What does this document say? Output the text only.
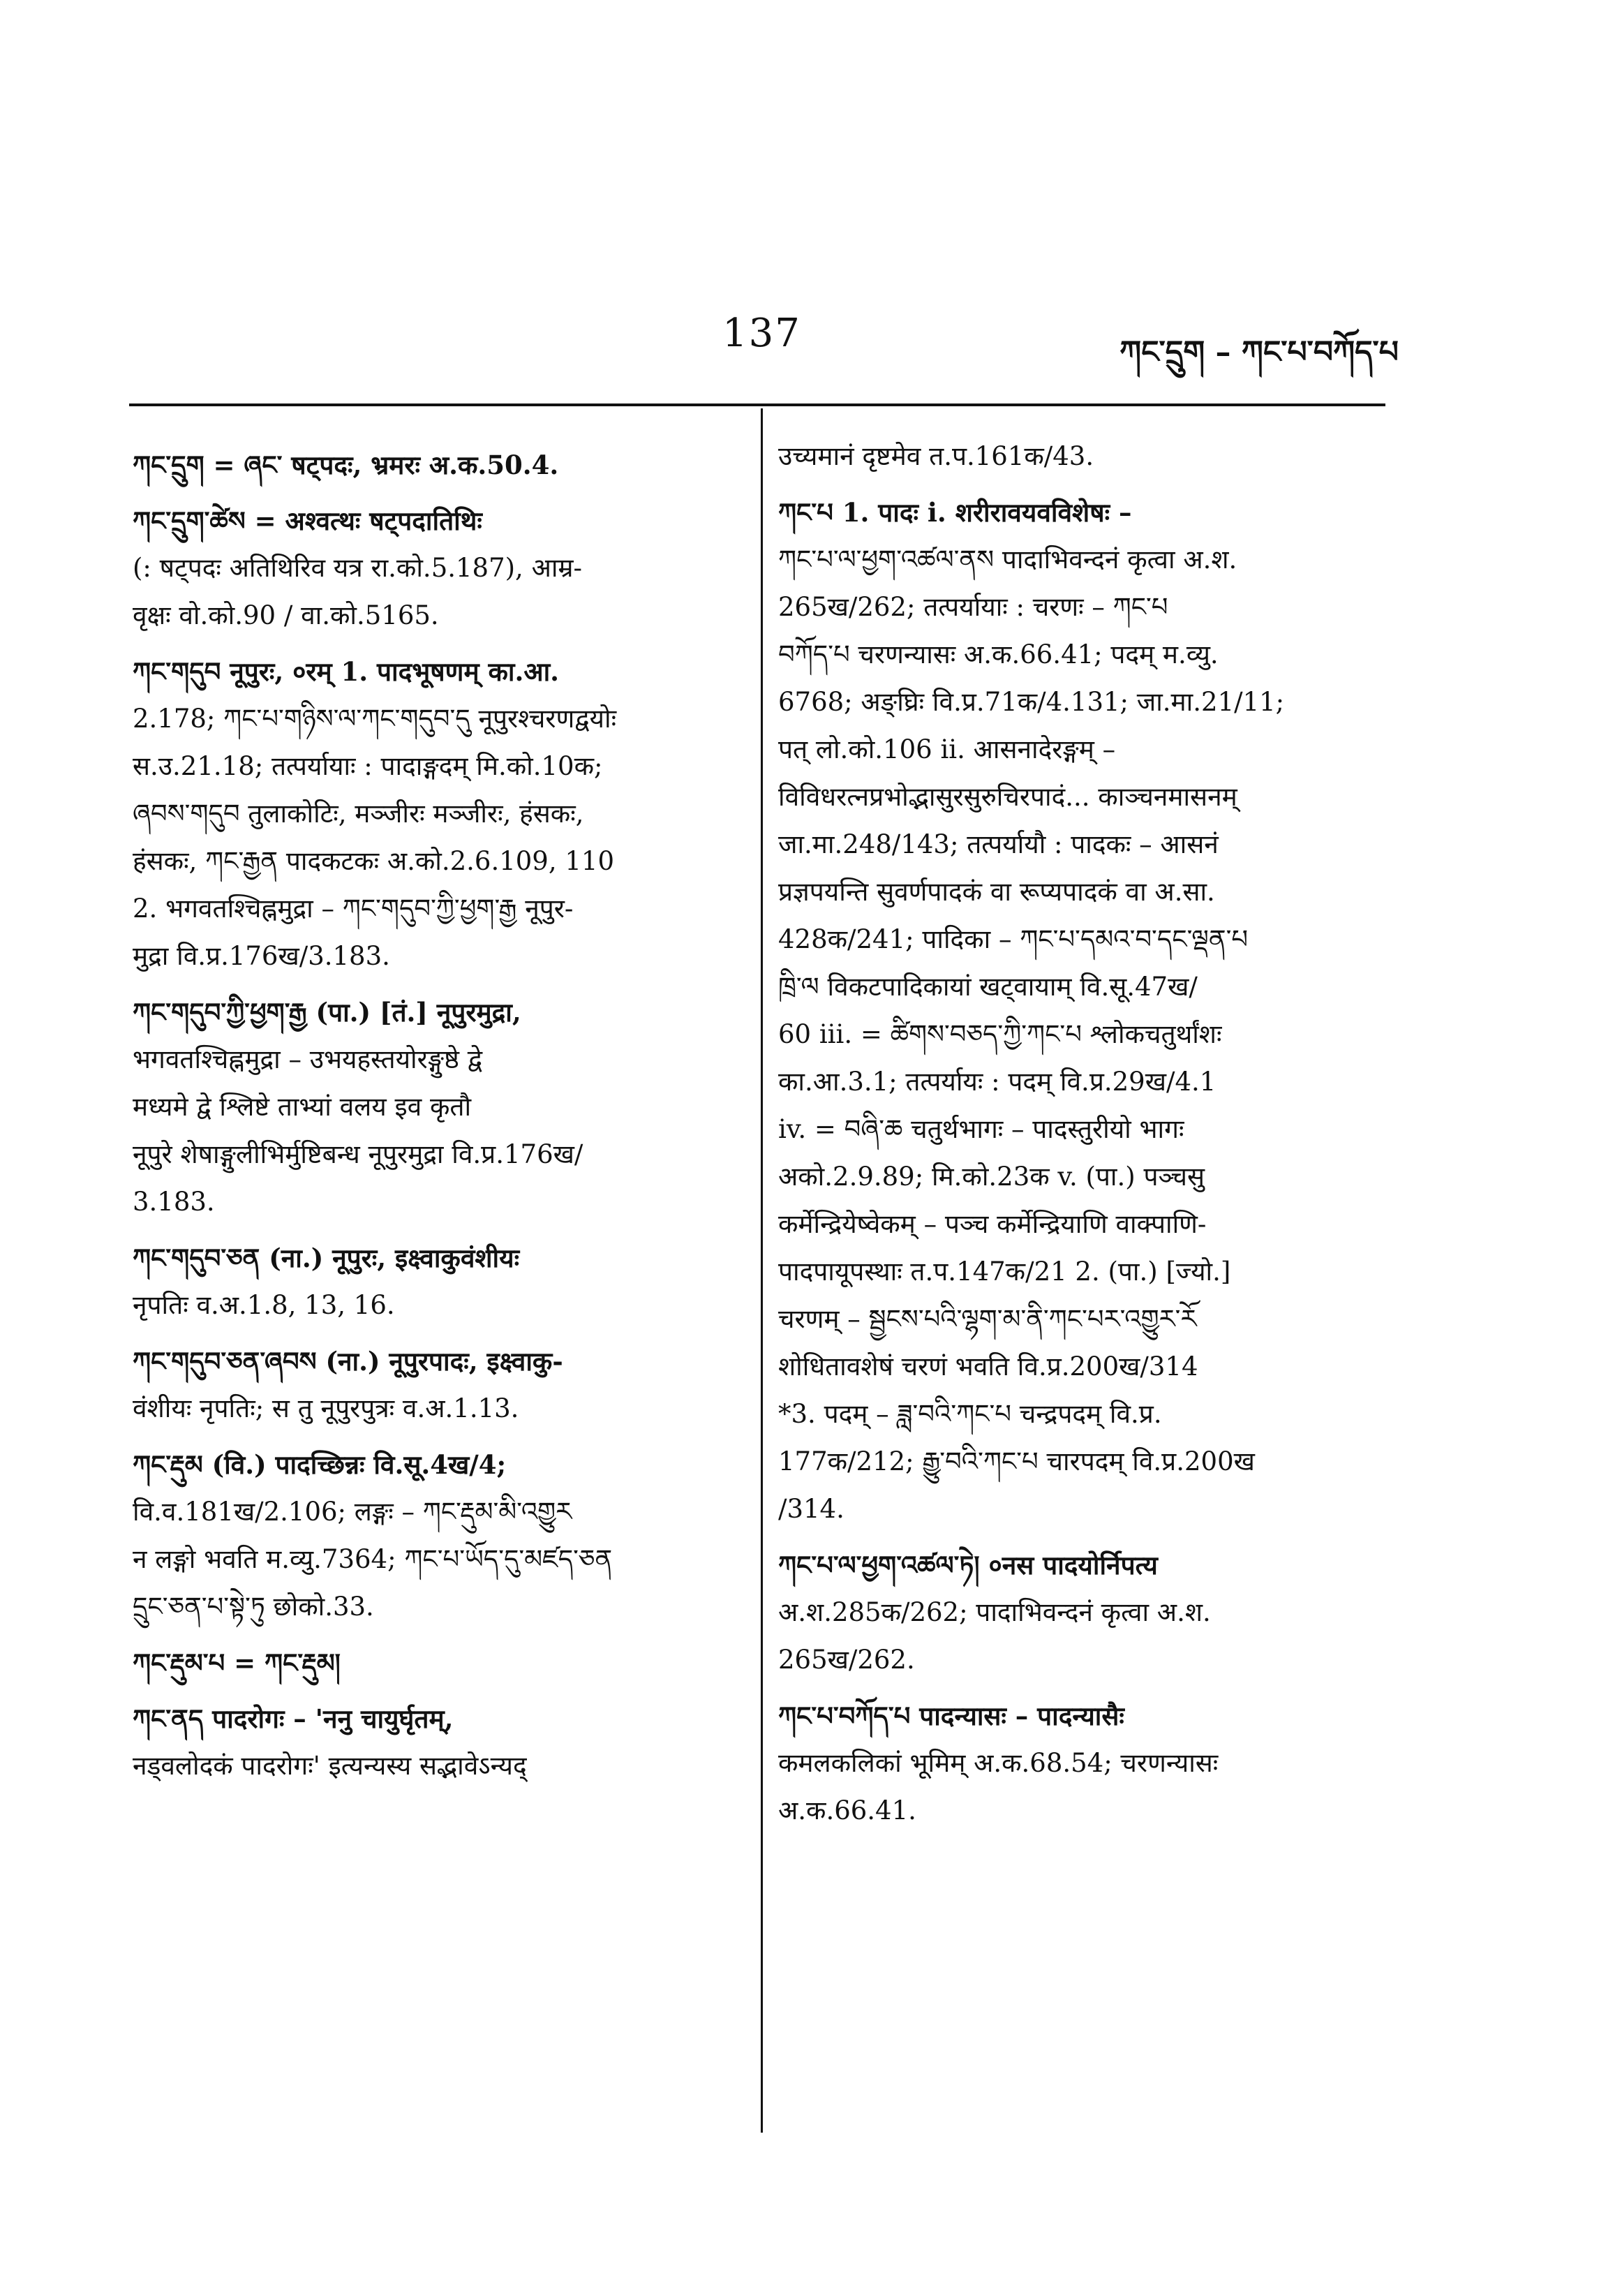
137	ཀང་དྲུག – ཀང་པ་བཀོད་པ
ཀང་དྲུག = ཞང་ षट्पदः, भ्रमरः अ.क.50.4.
ཀང་དྲུག་ཚེས = अश्वत्थः षट्पदातिथिः
(: षट्पदः अतिथिरिव यत्र रा.को.5.187), आम्र-
वृक्षः वो.को.90 / वा.को.5165.
ཀང་གདུབ नूपुरः, ०रम् 1. पादभूषणम् का.आ.
2.178; ཀང་པ་གཉིས་ལ་ཀང་གདུབ་དུ नूपुरश्चरणद्वयोः
स.उ.21.18; तत्पर्यायाः : पादाङ्गदम् मि.को.10क;
ཞབས་གདུབ तुलाकोटिः, मञ्जीरः मञ्जीरः, हंसकः,
हंसकः, ཀང་རྒྱན पादकटकः अ.को.2.6.109, 110
2. भगवतश्चिह्नमुद्रा – ཀང་གདུབ་ཀྱི་ཕྱག་རྒྱ नूपुर-
मुद्रा वि.प्र.176ख/3.183.
ཀང་གདུབ་ཀྱི་ཕྱག་རྒྱ (पा.) [तं.] नूपुरमुद्रा,
भगवतश्चिह्नमुद्रा – उभयहस्तयोरङ्गुष्ठे द्वे
मध्यमे द्वे श्लिष्टे ताभ्यां वलय इव कृतौ
नूपुरे शेषाङ्गुलीभिर्मुष्टिबन्ध नूपुरमुद्रा वि.प्र.176ख/
3.183.
ཀང་གདུབ་ཅན (ना.) नूपुरः, इक्ष्वाकुवंशीयः
नृपतिः व.अ.1.8, 13, 16.
ཀང་གདུབ་ཅན་ཞབས (ना.) नूपुरपादः, इक्ष्वाकु-
वंशीयः नृपतिः; स तु नूपुरपुत्रः व.अ.1.13.
ཀང་རྡུམ (वि.) पादच्छिन्नः वि.सू.4ख/4;
वि.व.181ख/2.106; लङ्गः – ཀང་རྡུམ་མི་འགྱུར
न लङ्गो भवति म.व्यु.7364; ཀང་པ་ཡོད་དུ་མཛད་ཅན
དྲུང་ཅན་པ་སྟེ་ཏུ छोको.33.
ཀང་རྡུམ་པ = ཀང་རྡུམ།
ཀང་ནད पादरोगः – 'ननु चायुर्घृतम्,
नड्वलोदकं पादरोगः' इत्यन्यस्य सद्भावेऽन्यद्
उच्यमानं दृष्टमेव त.प.161क/43.
ཀང་པ 1. पादः i. शरीरावयवविशेषः –
ཀང་པ་ལ་ཕྱག་འཚལ་ནས पादाभिवन्दनं कृत्वा अ.श.
265ख/262; तत्पर्यायाः : चरणः – ཀང་པ
བཀོད་པ चरणन्यासः अ.क.66.41; पदम् म.व्यु.
6768; अङ्घ्रिः वि.प्र.71क/4.131; जा.मा.21/11;
पत् लो.को.106 ii. आसनादेरङ्गम् –
विविधरत्नप्रभोद्भासुरसुरुचिरपादं... काञ्चनमासनम्
जा.मा.248/143; तत्पर्यायौ : पादकः – आसनं
प्रज्ञपयन्ति सुवर्णपादकं वा रूप्यपादकं वा अ.सा.
428क/241; पादिका – ཀང་པ་དམའ་བ་དང་ལྡན་པ
ཁྲི་ལ विकटपादिकायां खट्वायाम् वि.सू.47ख/
60 iii. = ཚིགས་བཅད་ཀྱི་ཀང་པ श्लोकचतुर्थांशः
का.आ.3.1; तत्पर्यायः : पदम् वि.प्र.29ख/4.1
iv. = བཞི་ཆ चतुर्थभागः – पादस्तुरीयो भागः
अको.2.9.89; मि.को.23क v. (पा.) पञ्चसु
कर्मेन्द्रियेष्वेकम् – पञ्च कर्मेन्द्रियाणि वाक्पाणि-
पादपायूपस्थाः त.प.147क/21 2. (पा.) [ज्यो.]
चरणम् – སྦྱངས་པའི་ལྷག་མ་ནི་ཀང་པར་འགྱུར་རོ
शोधितावशेषं चरणं भवति वि.प्र.200ख/314
*3. पदम् – ཟླ་བའི་ཀང་པ चन्द्रपदम् वि.प्र.
177क/212; རྒྱུ་བའི་ཀང་པ चारपदम् वि.प्र.200ख
/314.
ཀང་པ་ལ་ཕྱག་འཚལ་ཏེ། ०नस पादयोर्निपत्य
अ.श.285क/262; पादाभिवन्दनं कृत्वा अ.श.
265ख/262.
ཀང་པ་བཀོད་པ पादन्यासः – पादन्यासैः
कमलकलिकां भूमिम् अ.क.68.54; चरणन्यासः
अ.क.66.41.
